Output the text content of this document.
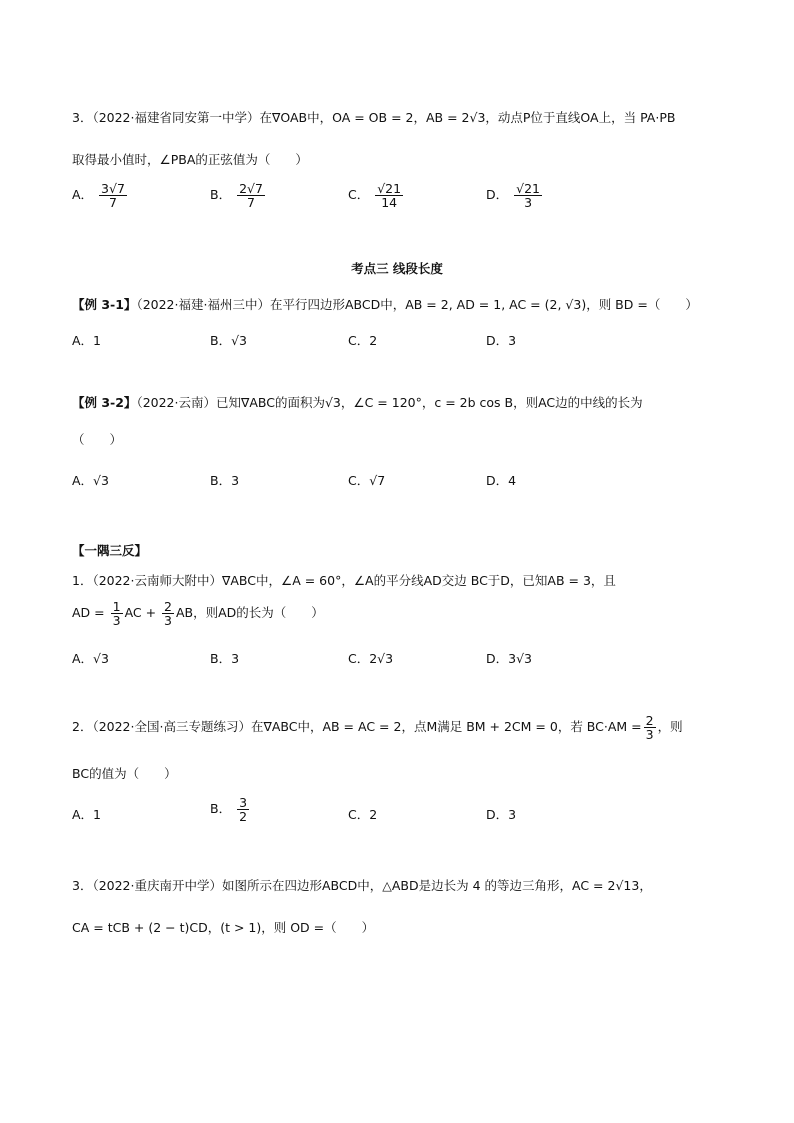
3．（2022·福建省同安第一中学）在∇OAB中，OA = OB = 2，AB = 2√3，动点P位于直线OA上，当 PA·PB
取得最小值时，∠PBA的正弦值为（　　）
A． $\frac{3√7}{7}$	B． $\frac{2√7}{7}$	C． $\frac{√21}{14}$	D． $\frac{√21}{3}$
考点三 线段长度
【例 3-1】（2022·福建·福州三中）在平行四边形ABCD中，AB = 2, AD = 1, AC = (2, √3)，则 BD =（　　）
A．1	B．√3	C．2	D．3
【例 3-2】（2022·云南）已知∇ABC的面积为√3，∠C = 120°，c = 2b cos B，则AC边的中线的长为
（　　）
A．√3	B．3	C．√7	D．4
【一隅三反】
1．（2022·云南师大附中）∇ABC中，∠A = 60°，∠A的平分线AD交边 BC于D，已知AB = 3，且
AD = $\frac{1}{3}$ AC + $\frac{2}{3}$ AB，则AD的长为（　　）
A．√3	B．3	C．2√3	D．3√3
2．（2022·全国·高三专题练习）在∇ABC中，AB = AC = 2，点M满足 BM + 2CM = 0，若 $BC\cdot AM = \frac{2}{3}$ ，则
BC的值为（　　）
A．1	B． $\frac{3}{2}$	C．2	D．3
3．（2022·重庆南开中学）如图所示在四边形ABCD中，△ABD是边长为 4 的等边三角形，AC = 2√13，
CA = tCB + (2 − t)CD，(t > 1)，则 OD =（　　）
